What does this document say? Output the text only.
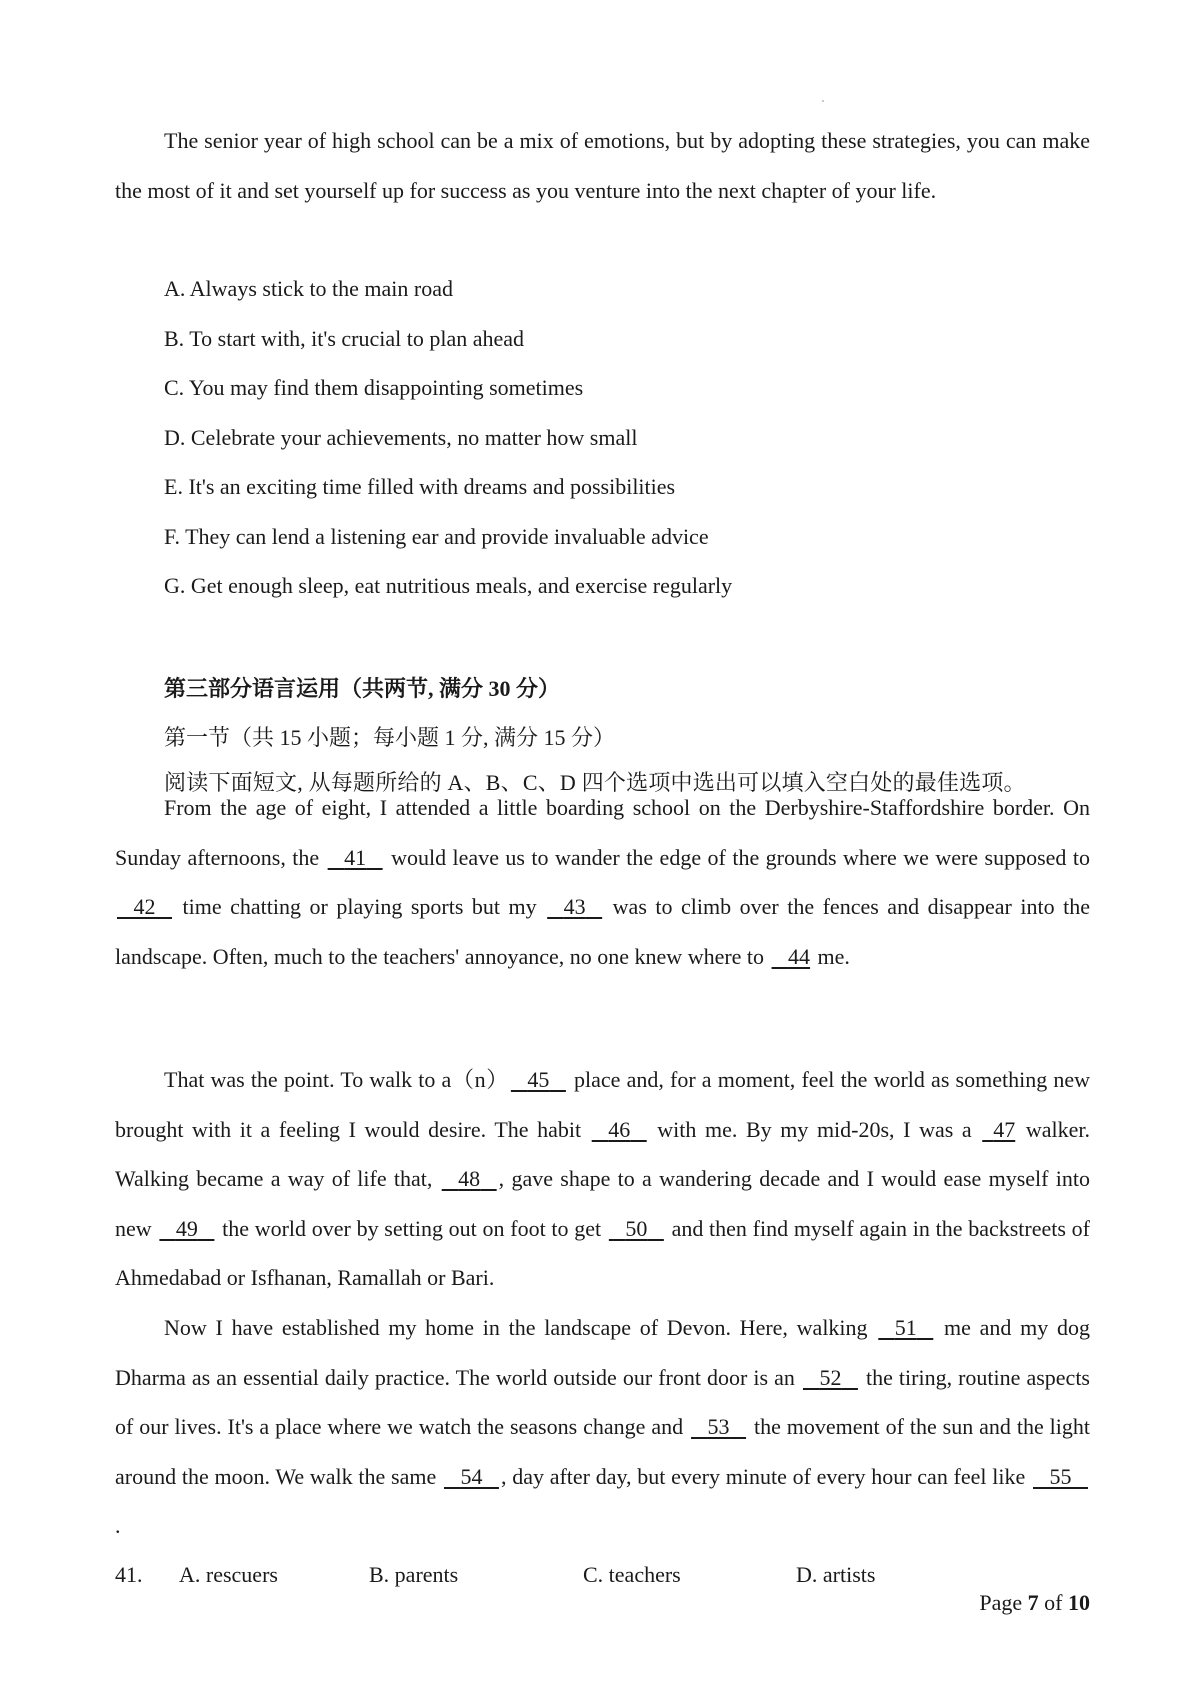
The senior year of high school can be a mix of emotions, but by adopting these strategies, you can make the most of it and set yourself up for success as you venture into the next chapter of your life.

A. Always stick to the main road
B. To start with, it's crucial to plan ahead
C. You may find them disappointing sometimes
D. Celebrate your achievements, no matter how small
E. It's an exciting time filled with dreams and possibilities
F. They can lend a listening ear and provide invaluable advice
G. Get enough sleep, eat nutritious meals, and exercise regularly
第三部分语言运用（共两节, 满分 30 分）
第一节（共 15 小题；每小题 1 分, 满分 15 分）
阅读下面短文, 从每题所给的 A、B、C、D 四个选项中选出可以填入空白处的最佳选项。

From the age of eight, I attended a little boarding school on the Derbyshire-Staffordshire border. On Sunday afternoons, the    41    would leave us to wander the edge of the grounds where we were supposed to    42    time chatting or playing sports but my    43    was to climb over the fences and disappear into the landscape. Often, much to the teachers' annoyance, no one knew where to    44 me.

That was the point. To walk to a（n） 45    place and, for a moment, feel the world as something new brought with it a feeling I would desire. The habit    46    with me. By my mid-20s, I was a   47 walker. Walking became a way of life that,    48 , gave shape to a wandering decade and I would ease myself into new    49    the world over by setting out on foot to get    50    and then find myself again in the backstreets of Ahmedabad or Isfhanan, Ramallah or Bari.

Now I have established my home in the landscape of Devon. Here, walking    51    me and my dog Dharma as an essential daily practice. The world outside our front door is an    52    the tiring, routine aspects of our lives. It's a place where we watch the seasons change and    53    the movement of the sun and the light around the moon. We walk the same    54 , day after day, but every minute of every hour can feel like    55   .

41. A. rescuers	B. parents	C. teachers	D. artists
Page 7 of 10
